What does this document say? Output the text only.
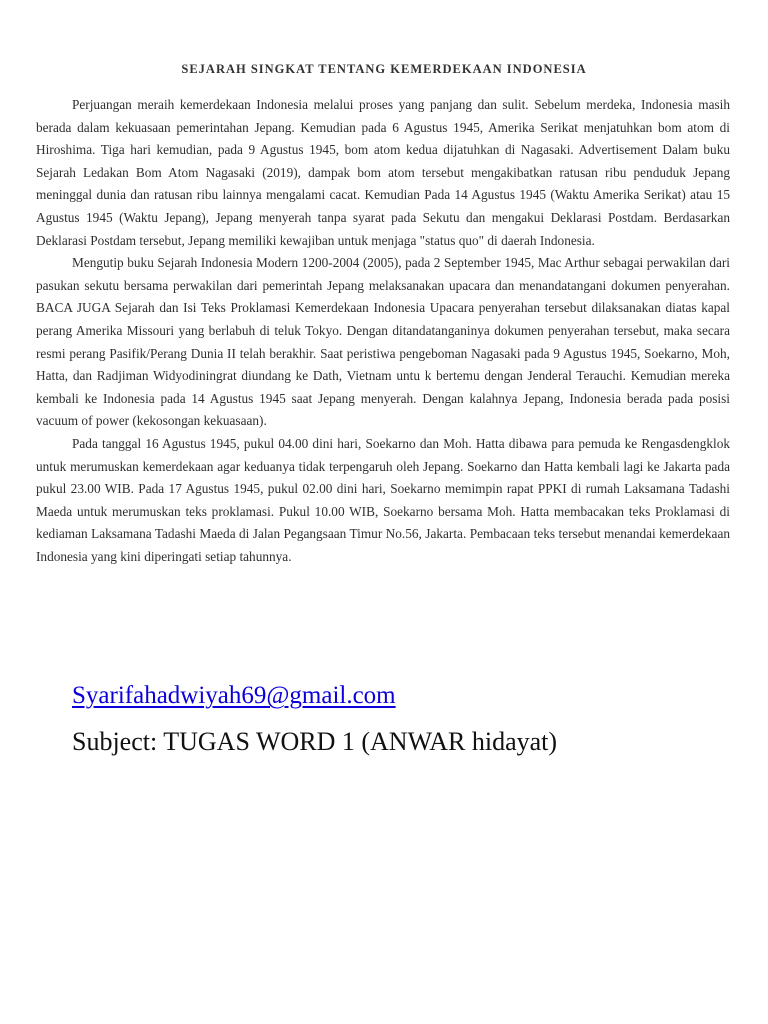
SEJARAH SINGKAT TENTANG KEMERDEKAAN INDONESIA

Perjuangan meraih kemerdekaan Indonesia melalui proses yang panjang dan sulit. Sebelum merdeka, Indonesia masih berada dalam kekuasaan pemerintahan Jepang. Kemudian pada 6 Agustus 1945, Amerika Serikat menjatuhkan bom atom di Hiroshima. Tiga hari kemudian, pada 9 Agustus 1945, bom atom kedua dijatuhkan di Nagasaki. Advertisement Dalam buku Sejarah Ledakan Bom Atom Nagasaki (2019), dampak bom atom tersebut mengakibatkan ratusan ribu penduduk Jepang meninggal dunia dan ratusan ribu lainnya mengalami cacat. Kemudian Pada 14 Agustus 1945 (Waktu Amerika Serikat) atau 15 Agustus 1945 (Waktu Jepang), Jepang menyerah tanpa syarat pada Sekutu dan mengakui Deklarasi Postdam. Berdasarkan Deklarasi Postdam tersebut, Jepang memiliki kewajiban untuk menjaga "status quo" di daerah Indonesia.

Mengutip buku Sejarah Indonesia Modern 1200-2004 (2005), pada 2 September 1945, Mac Arthur sebagai perwakilan dari pasukan sekutu bersama perwakilan dari pemerintah Jepang melaksanakan upacara dan menandatangani dokumen penyerahan. BACA JUGA Sejarah dan Isi Teks Proklamasi Kemerdekaan Indonesia Upacara penyerahan tersebut dilaksanakan diatas kapal perang Amerika Missouri yang berlabuh di teluk Tokyo. Dengan ditandatanganinya dokumen penyerahan tersebut, maka secara resmi perang Pasifik/Perang Dunia II telah berakhir. Saat peristiwa pengeboman Nagasaki pada 9 Agustus 1945, Soekarno, Moh, Hatta, dan Radjiman Widyodiningrat diundang ke Dath, Vietnam untu k bertemu dengan Jenderal Terauchi. Kemudian mereka kembali ke Indonesia pada 14 Agustus 1945 saat Jepang menyerah. Dengan kalahnya Jepang, Indonesia berada pada posisi vacuum of power (kekosongan kekuasaan).

Pada tanggal 16 Agustus 1945, pukul 04.00 dini hari, Soekarno dan Moh. Hatta dibawa para pemuda ke Rengasdengklok untuk merumuskan kemerdekaan agar keduanya tidak terpengaruh oleh Jepang. Soekarno dan Hatta kembali lagi ke Jakarta pada pukul 23.00 WIB. Pada 17 Agustus 1945, pukul 02.00 dini hari, Soekarno memimpin rapat PPKI di rumah Laksamana Tadashi Maeda untuk merumuskan teks proklamasi. Pukul 10.00 WIB, Soekarno bersama Moh. Hatta membacakan teks Proklamasi di kediaman Laksamana Tadashi Maeda di Jalan Pegangsaan Timur No.56, Jakarta. Pembacaan teks tersebut menandai kemerdekaan Indonesia yang kini diperingati setiap tahunnya.

Syarifahadwiyah69@gmail.com
Subject: TUGAS WORD 1 (ANWAR hidayat)
